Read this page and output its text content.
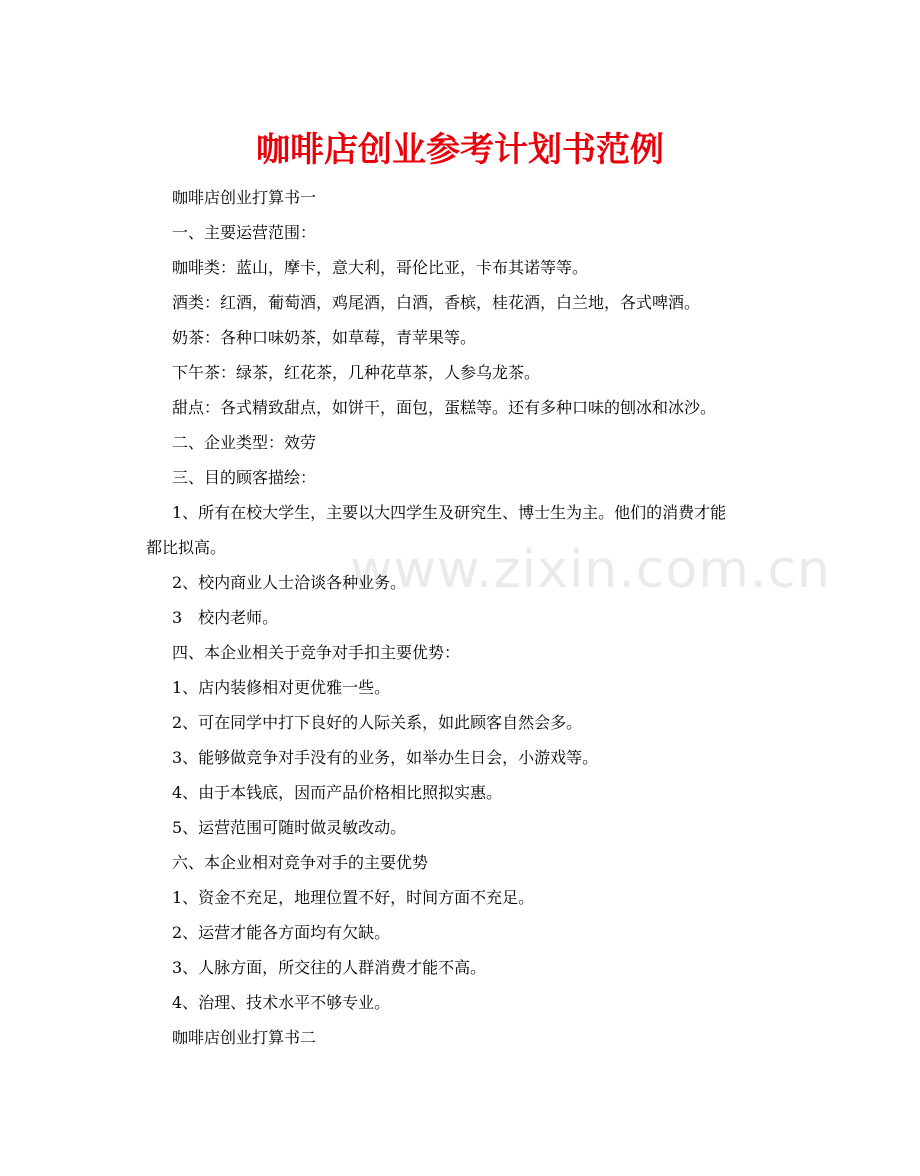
咖啡店创业参考计划书范例
www.zixin.com.cn
咖啡店创业打算书一
一、主要运营范围：
咖啡类：蓝山，摩卡，意大利，哥伦比亚，卡布其诺等等。
酒类：红酒，葡萄酒，鸡尾酒，白酒，香槟，桂花酒，白兰地，各式啤酒。
奶茶：各种口味奶茶，如草莓，青苹果等。
下午茶：绿茶，红花茶，几种花草茶，人参乌龙茶。
甜点：各式精致甜点，如饼干，面包，蛋糕等。还有多种口味的刨冰和冰沙。
二、企业类型：效劳
三、目的顾客描绘：
1、所有在校大学生，主要以大四学生及研究生、博士生为主。他们的消费才能
都比拟高。
2、校内商业人士洽谈各种业务。
3　校内老师。
四、本企业相关于竞争对手扣主要优势：
1、店内装修相对更优雅一些。
2、可在同学中打下良好的人际关系，如此顾客自然会多。
3、能够做竞争对手没有的业务，如举办生日会，小游戏等。
4、由于本钱底，因而产品价格相比照拟实惠。
5、运营范围可随时做灵敏改动。
六、本企业相对竞争对手的主要优势
1、资金不充足，地理位置不好，时间方面不充足。
2、运营才能各方面均有欠缺。
3、人脉方面，所交往的人群消费才能不高。
4、治理、技术水平不够专业。
咖啡店创业打算书二
